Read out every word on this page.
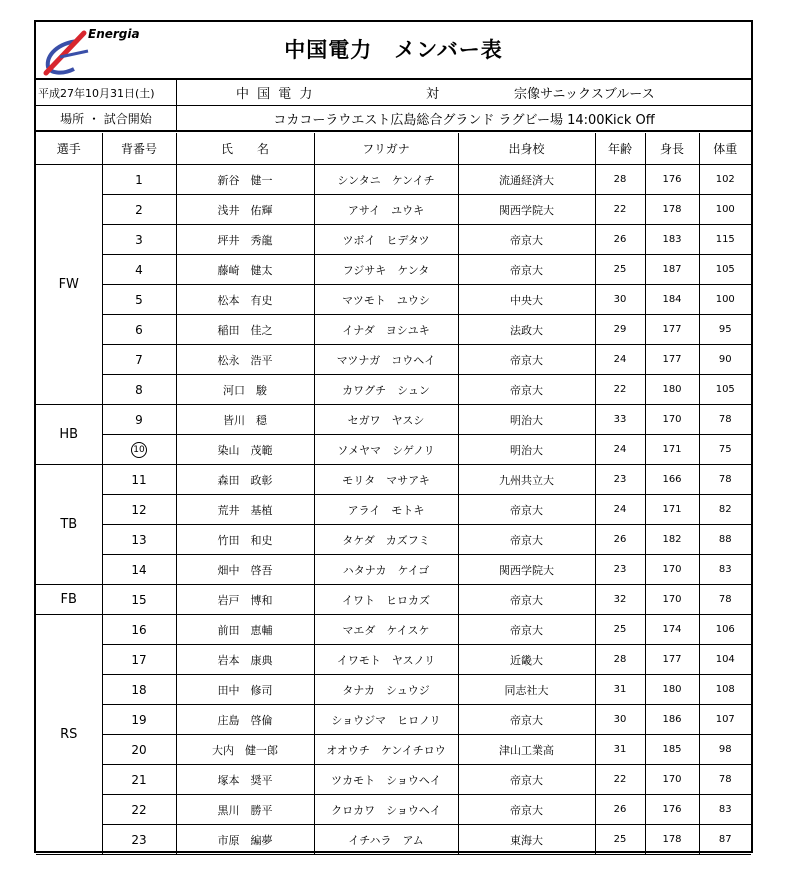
Energia
中国電力　メンバー表
平成27年10月31日(土)	中 国 電 力	対	宗像サニックスブルース
場所 ・ 試合開始	コカコーラウエスト広島総合グランド ラグビー場 14:00Kick Off
選手	背番号	氏　　名	フリガナ	出身校	年齢	身長	体重
FW	1	新谷　健一	シンタニ　ケンイチ	流通経済大	28	176	102
	2	浅井　佑輝	アサイ　ユウキ	関西学院大	22	178	100
	3	坪井　秀龍	ツボイ　ヒデタツ	帝京大	26	183	115
	4	藤崎　健太	フジサキ　ケンタ	帝京大	25	187	105
	5	松本　有史	マツモト　ユウシ	中央大	30	184	100
	6	稲田　佳之	イナダ　ヨシユキ	法政大	29	177	95
	7	松永　浩平	マツナガ　コウヘイ	帝京大	24	177	90
	8	河口　駿	カワグチ　シュン	帝京大	22	180	105
HB	9	皆川　穏	セガワ　ヤスシ	明治大	33	170	78
	10	染山　茂範	ソメヤマ　シゲノリ	明治大	24	171	75
TB	11	森田　政彰	モリタ　マサアキ	九州共立大	23	166	78
	12	荒井　基植	アライ　モトキ	帝京大	24	171	82
	13	竹田　和史	タケダ　カズフミ	帝京大	26	182	88
	14	畑中　啓吾	ハタナカ　ケイゴ	関西学院大	23	170	83
FB	15	岩戸　博和	イワト　ヒロカズ	帝京大	32	170	78
RS	16	前田　恵輔	マエダ　ケイスケ	帝京大	25	174	106
	17	岩本　康典	イワモト　ヤスノリ	近畿大	28	177	104
	18	田中　修司	タナカ　シュウジ	同志社大	31	180	108
	19	庄島　啓倫	ショウジマ　ヒロノリ	帝京大	30	186	107
	20	大内　健一郎	オオウチ　ケンイチロウ	津山工業高	31	185	98
	21	塚本　奨平	ツカモト　ショウヘイ	帝京大	22	170	78
	22	黒川　勝平	クロカワ　ショウヘイ	帝京大	26	176	83
	23	市原　編夢	イチハラ　アム	東海大	25	178	87
